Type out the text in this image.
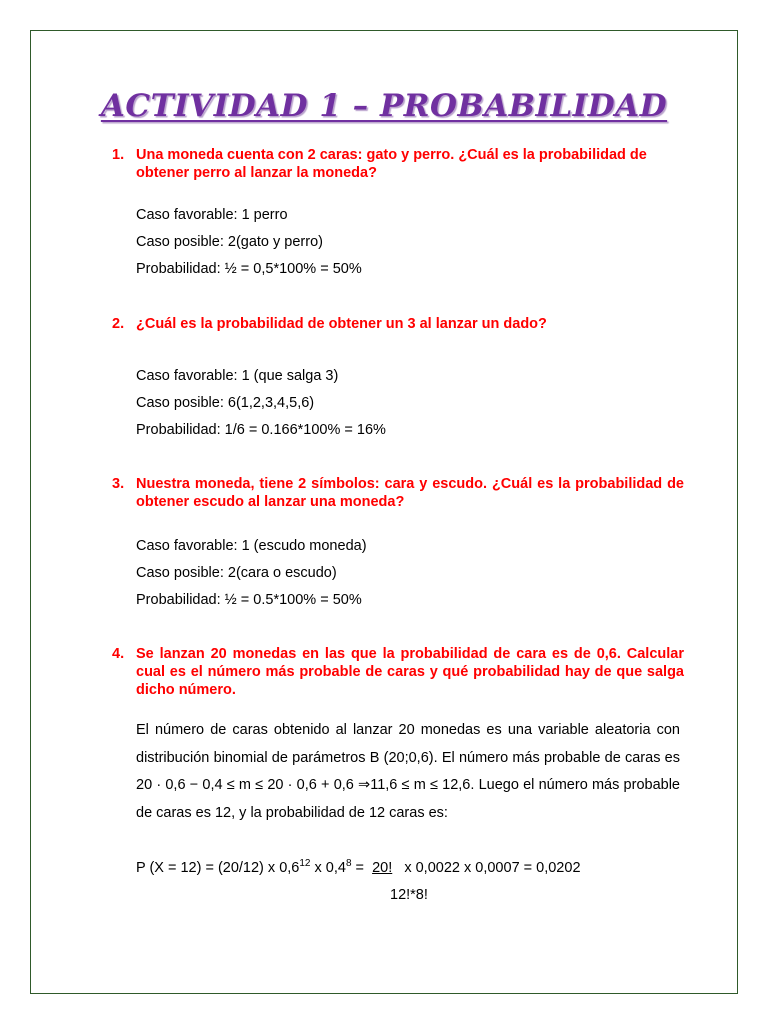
ACTIVIDAD 1 – PROBABILIDAD
1. Una moneda cuenta con 2 caras: gato y perro. ¿Cuál es la probabilidad de obtener perro al lanzar la moneda?
Caso favorable: 1 perro
Caso posible: 2(gato y perro)
Probabilidad: ½ = 0,5*100% = 50%
2. ¿Cuál es la probabilidad de obtener un 3 al lanzar un dado?
Caso favorable: 1 (que salga 3)
Caso posible: 6(1,2,3,4,5,6)
Probabilidad: 1/6 = 0.166*100% = 16%
3. Nuestra moneda, tiene 2 símbolos: cara y escudo. ¿Cuál es la probabilidad de obtener escudo al lanzar una moneda?
Caso favorable: 1 (escudo moneda)
Caso posible: 2(cara o escudo)
Probabilidad: ½ = 0.5*100% = 50%
4. Se lanzan 20 monedas en las que la probabilidad de cara es de 0,6. Calcular cual es el número más probable de caras y qué probabilidad hay de que salga dicho número.
El número de caras obtenido al lanzar 20 monedas es una variable aleatoria con distribución binomial de parámetros B (20;0,6). El número más probable de caras es 20 · 0,6 − 0,4 ≤ m ≤ 20 · 0,6 + 0,6 ⇒11,6 ≤ m ≤ 12,6. Luego el número más probable de caras es 12, y la probabilidad de 12 caras es:
P (X = 12) = (20/12) x $0,6^{12}$ x $0,4^8 = 20$! x 0,0022 x 0,0007 = 0,0202
12!*8!
